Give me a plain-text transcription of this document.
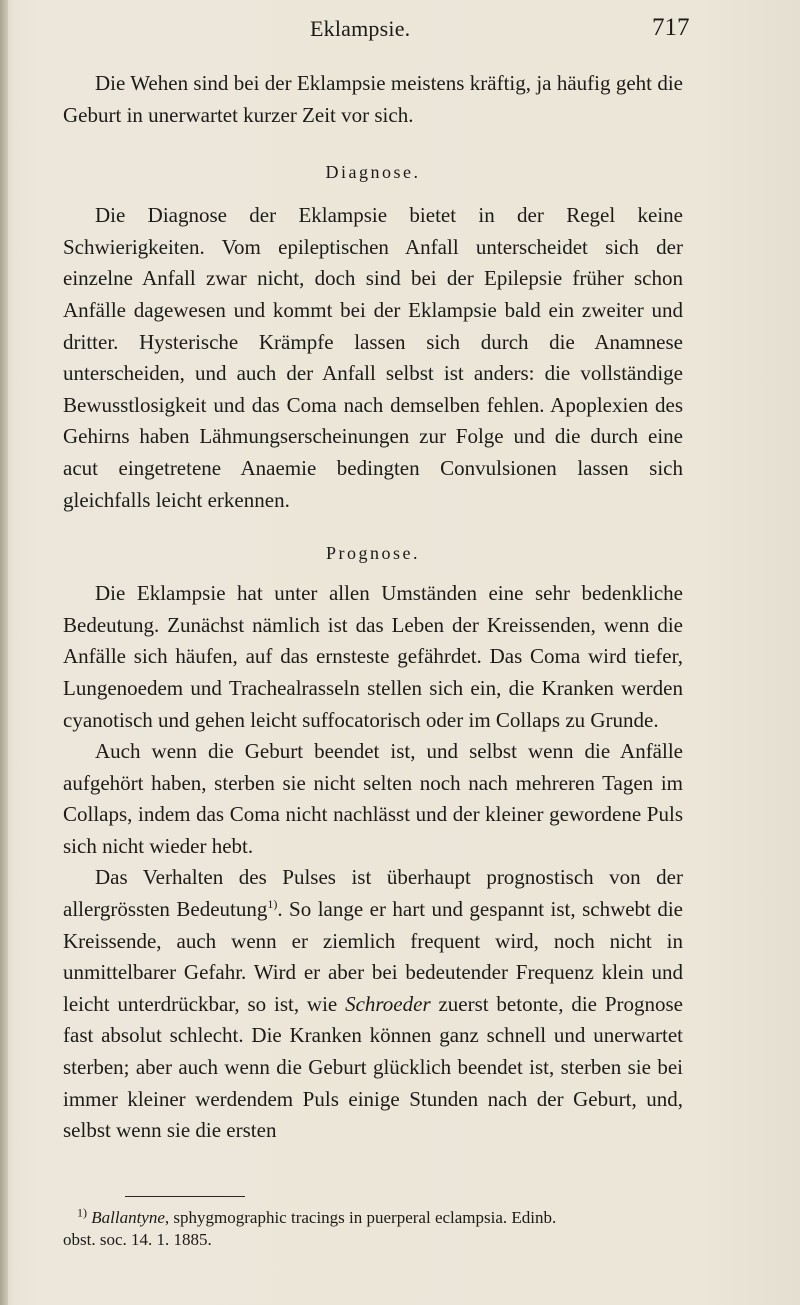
Eklampsie.	717

Die Wehen sind bei der Eklampsie meistens kräftig, ja häufig geht die Geburt in unerwartet kurzer Zeit vor sich.

Diagnose.

Die Diagnose der Eklampsie bietet in der Regel keine Schwierigkeiten. Vom epileptischen Anfall unterscheidet sich der einzelne Anfall zwar nicht, doch sind bei der Epilepsie früher schon Anfälle dagewesen und kommt bei der Eklampsie bald ein zweiter und dritter. Hysterische Krämpfe lassen sich durch die Anamnese unterscheiden, und auch der Anfall selbst ist anders: die vollständige Bewusstlosigkeit und das Coma nach demselben fehlen. Apoplexien des Gehirns haben Lähmungserscheinungen zur Folge und die durch eine acut eingetretene Anaemie bedingten Convulsionen lassen sich gleichfalls leicht erkennen.

Prognose.

Die Eklampsie hat unter allen Umständen eine sehr bedenkliche Bedeutung. Zunächst nämlich ist das Leben der Kreissenden, wenn die Anfälle sich häufen, auf das ernsteste gefährdet. Das Coma wird tiefer, Lungenoedem und Trachealrasseln stellen sich ein, die Kranken werden cyanotisch und gehen leicht suffocatorisch oder im Collaps zu Grunde.

Auch wenn die Geburt beendet ist, und selbst wenn die Anfälle aufgehört haben, sterben sie nicht selten noch nach mehreren Tagen im Collaps, indem das Coma nicht nachlässt und der kleiner gewordene Puls sich nicht wieder hebt.

Das Verhalten des Pulses ist überhaupt prognostisch von der allergrössten Bedeutung$^{1)}$. So lange er hart und gespannt ist, schwebt die Kreissende, auch wenn er ziemlich frequent wird, noch nicht in unmittelbarer Gefahr. Wird er aber bei bedeutender Frequenz klein und leicht unterdrückbar, so ist, wie Schroeder zuerst betonte, die Prognose fast absolut schlecht. Die Kranken können ganz schnell und unerwartet sterben; aber auch wenn die Geburt glücklich beendet ist, sterben sie bei immer kleiner werdendem Puls einige Stunden nach der Geburt, und, selbst wenn sie die ersten

$^{1)}$ Ballantyne, sphygmographic tracings in puerperal eclampsia. Edinb.
obst. soc. 14. 1. 1885.
